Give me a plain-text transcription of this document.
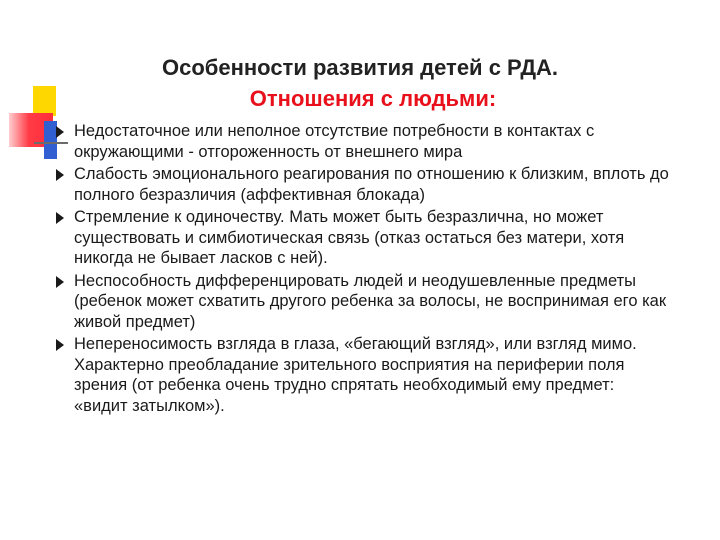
Особенности развития детей с РДА.
Отношения с людьми:
Недостаточное или неполное отсутствие потребности в контактах с окружающими - отгороженность от внешнего мира
Слабость эмоционального реагирования по отношению к близким, вплоть до полного безразличия (аффективная блокада)
Стремление к одиночеству. Мать может быть безразлична, но может существовать и симбиотическая связь (отказ остаться без матери, хотя никогда не бывает ласков с ней).
Неспособность дифференцировать людей и неодушевленные предметы (ребенок может схватить другого ребенка за волосы, не воспринимая его как живой предмет)
Непереносимость взгляда в глаза, «бегающий взгляд», или взгляд мимо. Характерно преобладание зрительного восприятия на периферии поля зрения (от ребенка очень трудно спрятать необходимый ему предмет: «видит затылком»).
